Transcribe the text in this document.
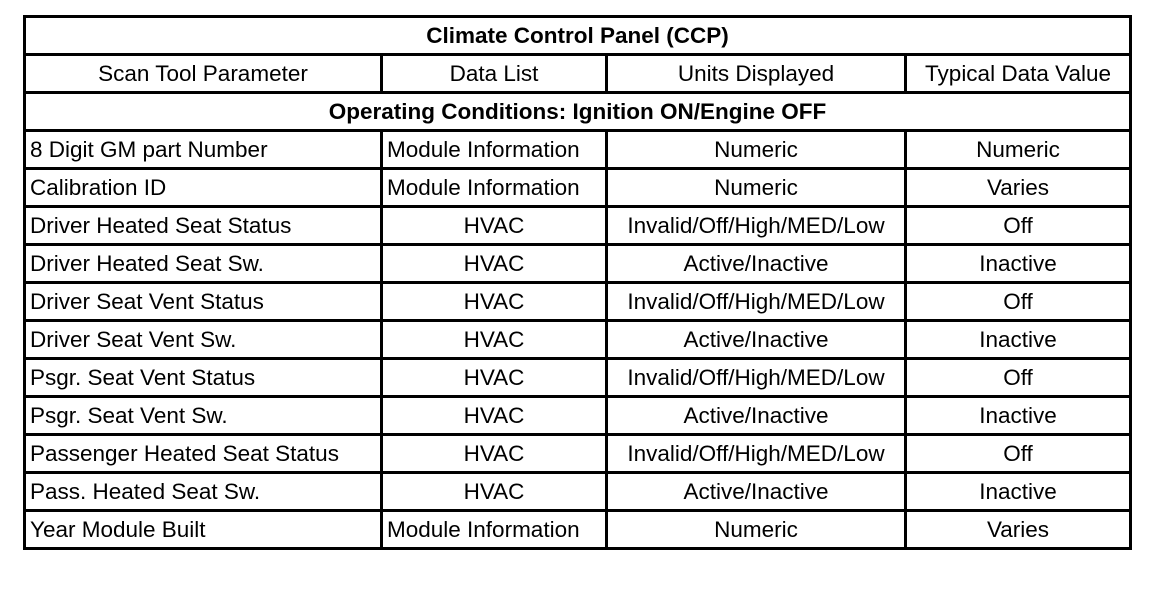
Climate Control Panel (CCP)			
Scan Tool Parameter	Data List	Units Displayed	Typical Data Value
Operating Conditions: Ignition ON/Engine OFF			
8 Digit GM part Number	Module Information	Numeric	Numeric
Calibration ID	Module Information	Numeric	Varies
Driver Heated Seat Status	HVAC	Invalid/Off/High/MED/Low	Off
Driver Heated Seat Sw.	HVAC	Active/Inactive	Inactive
Driver Seat Vent Status	HVAC	Invalid/Off/High/MED/Low	Off
Driver Seat Vent Sw.	HVAC	Active/Inactive	Inactive
Psgr. Seat Vent Status	HVAC	Invalid/Off/High/MED/Low	Off
Psgr. Seat Vent Sw.	HVAC	Active/Inactive	Inactive
Passenger Heated Seat Status	HVAC	Invalid/Off/High/MED/Low	Off
Pass. Heated Seat Sw.	HVAC	Active/Inactive	Inactive
Year Module Built	Module Information	Numeric	Varies
